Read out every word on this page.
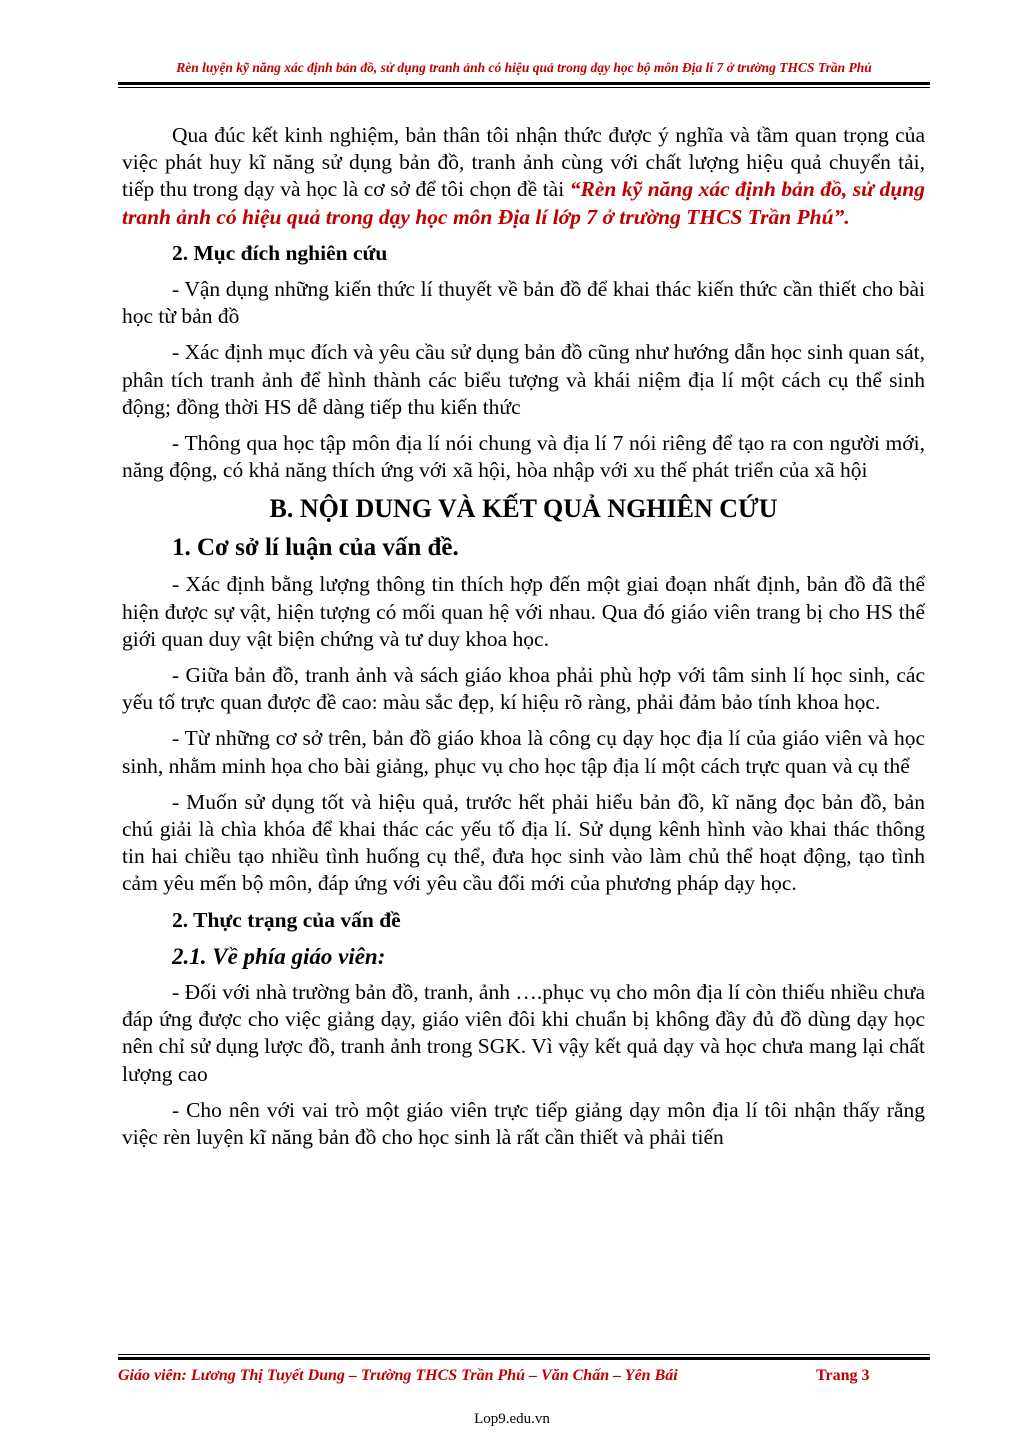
Rèn luyện kỹ năng xác định bản đồ, sử dụng tranh ảnh có hiệu quả trong dạy học bộ môn Địa lí 7 ở trường THCS Trần Phú

Qua đúc kết kinh nghiệm, bản thân tôi nhận thức được ý nghĩa và tầm quan trọng của việc phát huy kĩ năng sử dụng bản đồ, tranh ảnh cùng với chất lượng hiệu quả chuyển tải, tiếp thu trong dạy và học là cơ sở để tôi chọn đề tài “Rèn kỹ năng xác định bản đồ, sử dụng tranh ảnh có hiệu quả trong dạy học môn Địa lí lớp 7 ở trường THCS Trần Phú”.

2. Mục đích nghiên cứu

- Vận dụng những kiến thức lí thuyết về bản đồ để khai thác kiến thức cần thiết cho bài học từ bản đồ

- Xác định mục đích và yêu cầu sử dụng bản đồ cũng như hướng dẫn học sinh quan sát, phân tích tranh ảnh để hình thành các biểu tượng và khái niệm địa lí một cách cụ thể sinh động; đồng thời HS dễ dàng tiếp thu kiến thức

- Thông qua học tập môn địa lí nói chung và địa lí 7 nói riêng để tạo ra con người mới, năng động, có khả năng thích ứng với xã hội, hòa nhập với xu thế phát triển của xã hội

B. NỘI DUNG VÀ KẾT QUẢ NGHIÊN CỨU

1. Cơ sở lí luận của vấn đề.

- Xác định bằng lượng thông tin thích hợp đến một giai đoạn nhất định, bản đồ đã thể hiện được sự vật, hiện tượng có mối quan hệ với nhau. Qua đó giáo viên trang bị cho HS thế giới quan duy vật biện chứng và tư duy khoa học.

- Giữa bản đồ, tranh ảnh và sách giáo khoa phải phù hợp với tâm sinh lí học sinh, các yếu tố trực quan được đề cao: màu sắc đẹp, kí hiệu rõ ràng, phải đảm bảo tính khoa học.

- Từ những cơ sở trên, bản đồ giáo khoa là công cụ dạy học địa lí của giáo viên và học sinh, nhằm minh họa cho bài giảng, phục vụ cho học tập địa lí một cách trực quan và cụ thể

- Muốn sử dụng tốt và hiệu quả, trước hết phải hiểu bản đồ, kĩ năng đọc bản đồ, bản chú giải là chìa khóa để khai thác các yếu tố địa lí. Sử dụng kênh hình vào khai thác thông tin hai chiều tạo nhiều tình huống cụ thể, đưa học sinh vào làm chủ thể hoạt động, tạo tình cảm yêu mến bộ môn, đáp ứng với yêu cầu đổi mới của phương pháp dạy học.

2. Thực trạng của vấn đề

2.1. Về phía giáo viên:

- Đối với nhà trường bản đồ, tranh, ảnh ….phục vụ cho môn địa lí còn thiếu nhiều chưa đáp ứng được cho việc giảng dạy, giáo viên đôi khi chuẩn bị không đầy đủ đồ dùng dạy học nên chỉ sử dụng lược đồ, tranh ảnh trong SGK. Vì vậy kết quả dạy và học chưa mang lại chất lượng cao

- Cho nên với vai trò một giáo viên trực tiếp giảng dạy môn địa lí tôi nhận thấy rằng việc rèn luyện kĩ năng bản đồ cho học sinh là rất cần thiết và phải tiến

Giáo viên: Lương Thị Tuyết Dung – Trường THCS Trần Phú – Văn Chấn – Yên Bái	Trang 3
Lop9.edu.vn
